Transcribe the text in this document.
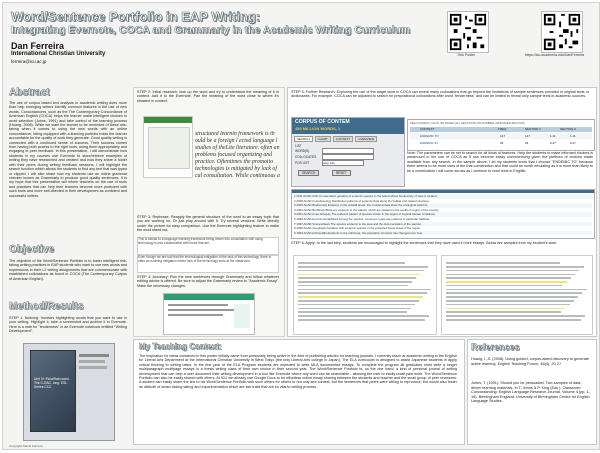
Word/Sentence Portfolio in EAP Writing:
Integrating Evernote, COCA and Grammarly in the Academic Writing Curriculum
Dan Ferreira
International Christian University
ferreira@icu.ac.jp
This Poster	https://icu.academia.edu/DanFerreira
Abstract
The use of corpus based text analysis in academic writing does more than help emerging writers identify common features in the use of new words. Concordancers, such as the The Contemporary Concordance of American English (COCA) helps the learner make intelligent choices in word selection (Johns, 1991) and take control of the learning process (Huang, 2008). While we want the learner to be reminded of these mis-taking when it comes to using the new words with an online concordancer, being equipped with a learning portfolio holds the learner accountable for the quality of work they generate. Good quality writing is connected with a continued sense of success. Their success comes from having both access to the right tools, using them appropriately and engaging in peer feedback. In this presentation, I will demonstrate how students in my courses use Evernote to store/retrieve examples of writing they have researched and created and how they share a folder with their peers during writing feedback sessions. I will highlight the search function which allows the students to find any text that was typed or clipped. I will also share how my students use an online grammar checker known as Grammarly to produce good quality sentences. It is my hope that this presentation will inform teachers on the use of tools and practices that can help their learners become more proficient with such tools and more self-directed in their development as confident and successful writers.
Objective
The objective of the Word/Sentence Portfolio is to foster intelligent risk-taking writing practices in EAP students who want to use new words and expressions in their L2 writing assignments that are commensurate with established collocations as found in COCA (The Contemporary Corpus of American English).
Method/Results
STEP 1: Noticing: Involves highlighting words that you want to use in your writing. Highlight it, take a screenshot and archive it in Evernote. Here is a note for "tenderness" in an Evernote notebook entitled "Writing Development".
Unit IV: Fluid/Rain-ward. The C-RAC, long. ESL Series CXC.
STEP 2: Initial research: look up the word and try to understand the meaning of it in context. Add it to the Evernote. Pair the meaning of the word close to where it's situated in context.
structured learnin framework is th ould be a foreign l ected language l studies of theLite literature. often an problems focused organizing and practice. Oftentimes the promotio technologies is mitigated by lack of cal consultation. While continuous a
STEP 3: Rephrase: Reapply the general structure of the word to an essay topic that you are working on. Or just play around with it. Try several versions. Write directly under the picture for easy comparison. Use the Evernote highlighting feature to make the word stand out.
This is similar to a language learning framework being driven into consultation with using technology is less collaboration with those that are.
Even though we are told that the technological mitigation of the lack of this technology, there is often an evolving mitigation where lack of the technology tools at the classroom.
STEP 4: Accuracy: Run the new sentences through Grammarly and follow whatever editing advice is offered. Be sure to adjust the Grammarly review to "Academic Essay". Make the necessary changes.
STEP 5: Further Research: Exploring the use of the target word in COCA can reveal many collocations that go beyond the limitations of sample sentences provided in original texts or dictionaries. For example, COCA can be adjusted to search for prepositional collocations after word "tenderness" and can be limited to reveal only sample texts in academic sources.
CORPUS OF CONTEM
450 MILLION WORDS, 1
SEARCH	CHART	CONTEXT	OVERVIEW
LIST
WORD(S)
COLLOCATES
POS LIST	prep.ALL
SEARCH	RESET
SEE CONTEXT: CLICK ON WORD (ALL SECTIONS) OR NUMBER (SPECIFIED SECTION)
CONTEXT	FREQ	SECTION 1	SECTION 2
ENDEMIC TO	147	147	1.11	1.11
ENDEMIC IN	36	36	0.27	0.27
Note: The parameters can be set to search for all kinds of features. Help the students to make informed choices is paramount in the use of COCA as it can become easily overwhelming given the plethora of choices made available from any search. In the sample above, I let my students know that I choose "ENDEMIC TO" because there seems to be more uses of the that combination and that could be worth emulating as it is more than likely to be a combination I will come across as I continue to read texts in English.
1 2011 ACAD IJAH Conservation genetics of endemic species in the island where biodiversity of sites is located.
2 2008 ACAD ForestGeology Distribution patterns of endemic flora along the habitat and related structure.
3 2005 ACAD Biodiversity Endemic to the coastal areas, the structural data show the ecological patterns.
4 2003 ACAD BirdStudy Birds are endemic to the islands, which are isolated in the southern region of the country.
5 2001 ACAD Amer.Antiquity The endemic pattern of species shown in the region of tropical climate conditions.
6 1999 ACAD EnvironmentalNews Among the species, numerous types are endemic to particular habitats.
7 1997 ACAD ScienceNews The species endemic to the area and the documentation of the sample.
8 1995 ACAD Geography Isolation with endemic species in the protected forest areas of the region.
9 1993 ACAD ArchivesBio Endemic to the rainforest, the population structure has changed over time.
STEP 6: Apply: In the last step, students are encouraged to highlight the sentences that they have used in their essays. Below are samples from my student's work.
My Teaching Context:
The inspiration for ideas contained in this poster initially came from personally being active in the field of publishing articles for teaching journals. I currently teach at academic writing in the English for Liberal Arts Department at the International Christian University in West Tokyo (the only Liberal Arts college in Japan). The ELA curriculum is designed to assist Japanese students in apply critical thinking to writing tasks. In the first year of the ELA Program students are expected to write MLA documented essays. To complete the program all graduates must write a longer multiparagraph multipage essays in a thesis writing class of their own choice in their second year. The Word/Sentence Portfolio is, on the one hand, a kind of personal journal of writing development that can help a user document their writing development in a tool like Evernote where any word can be searchable - allowing the user to easily recall past work. The Word/Sentence Portfolio can also be easily shared with others. At ICU we already use Google Docs to for effortless online essay sharing between the students and teacher and the small group of peer reviewers. A student can easily share the link to his Word/Sentence Portfolio with such others for others to not only see context, but the sentences that peers were willing to reproduce, but would also foster an attitude of smart-risking taking and experimentation which are two traits that are so vital to writing process.
References
Huang, I.-S. (2008). Using guided, corpus-aided discovery to generate active learning. English Teaching Forum, 46(4), 20-27.
Johns, T. (1991). Should you be persuaded: Two samples of data-driven learning materials. In T. Johns & P. King (Eds.), Classroom Concordancing: English Language Research Journal, Volume 4 (pp. 1-16). Birmingham England: University of Birmingham Centre for English Language Studies.
Copyright Daniel Ferreira
